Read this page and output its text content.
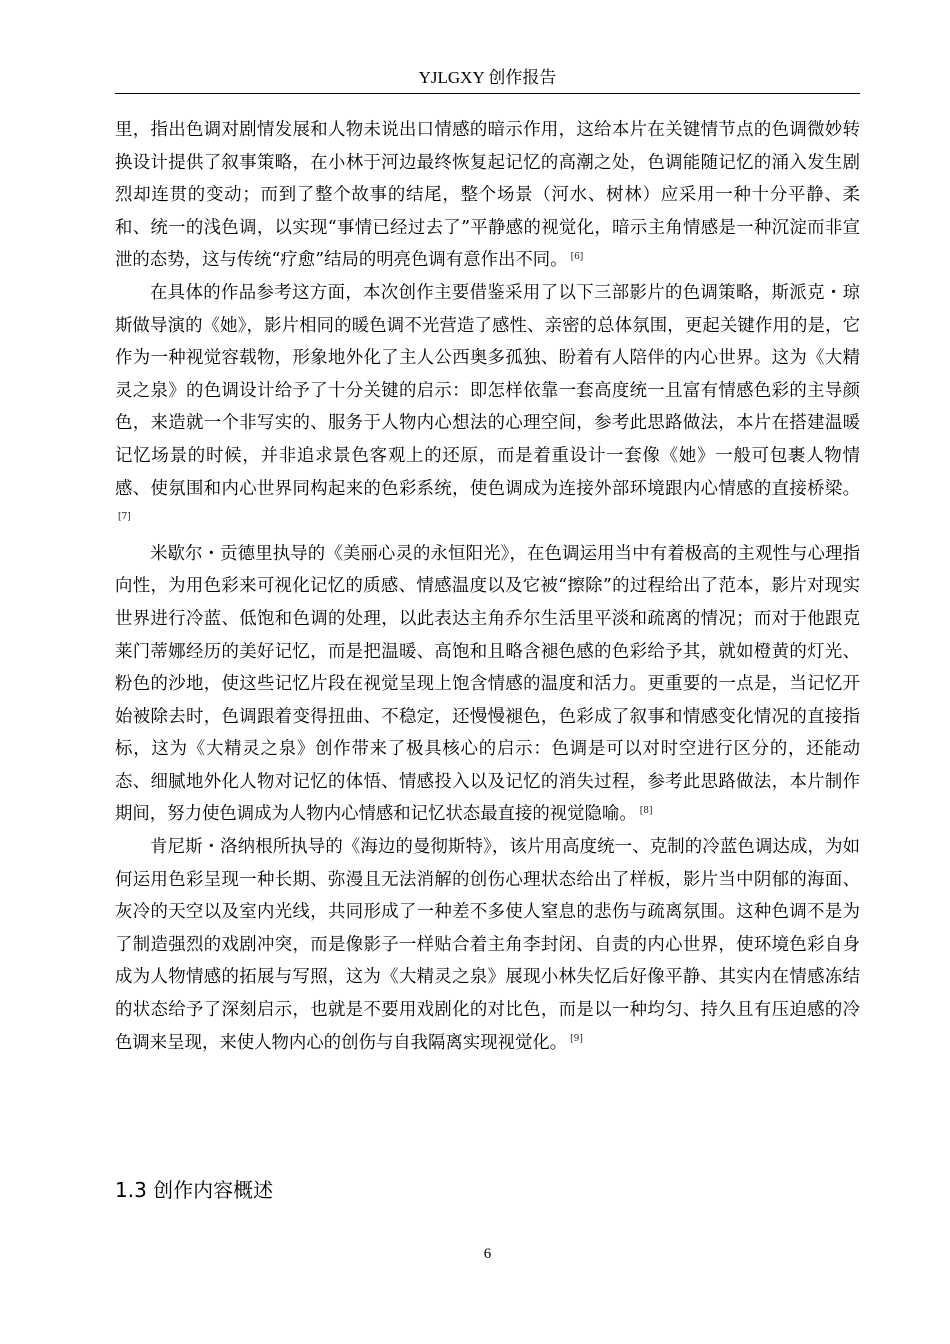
YJLGXY 创作报告

里，指出色调对剧情发展和人物未说出口情感的暗示作用，这给本片在关键情节点的色调微妙转换设计提供了叙事策略，在小林于河边最终恢复起记忆的高潮之处，色调能随记忆的涌入发生剧烈却连贯的变动；而到了整个故事的结尾，整个场景（河水、树林）应采用一种十分平静、柔和、统一的浅色调，以实现“事情已经过去了”平静感的视觉化，暗示主角情感是一种沉淀而非宣泄的态势，这与传统“疗愈”结局的明亮色调有意作出不同。 [6]

在具体的作品参考这方面，本次创作主要借鉴采用了以下三部影片的色调策略，斯派克・琼斯做导演的《她》，影片相同的暖色调不光营造了感性、亲密的总体氛围，更起关键作用的是，它作为一种视觉容载物，形象地外化了主人公西奥多孤独、盼着有人陪伴的内心世界。这为《大精灵之泉》的色调设计给予了十分关键的启示：即怎样依靠一套高度统一且富有情感色彩的主导颜色，来造就一个非写实的、服务于人物内心想法的心理空间，参考此思路做法，本片在搭建温暖记忆场景的时候，并非追求景色客观上的还原，而是着重设计一套像《她》一般可包裹人物情感、使氛围和内心世界同构起来的色彩系统，使色调成为连接外部环境跟内心情感的直接桥梁。[7]

米歇尔・贡德里执导的《美丽心灵的永恒阳光》，在色调运用当中有着极高的主观性与心理指向性，为用色彩来可视化记忆的质感、情感温度以及它被“擦除”的过程给出了范本，影片对现实世界进行冷蓝、低饱和色调的处理，以此表达主角乔尔生活里平淡和疏离的情况；而对于他跟克莱门蒂娜经历的美好记忆，而是把温暖、高饱和且略含褪色感的色彩给予其，就如橙黄的灯光、粉色的沙地，使这些记忆片段在视觉呈现上饱含情感的温度和活力。更重要的一点是，当记忆开始被除去时，色调跟着变得扭曲、不稳定，还慢慢褪色，色彩成了叙事和情感变化情况的直接指标，这为《大精灵之泉》创作带来了极具核心的启示：色调是可以对时空进行区分的，还能动态、细腻地外化人物对记忆的体悟、情感投入以及记忆的消失过程，参考此思路做法，本片制作期间，努力使色调成为人物内心情感和记忆状态最直接的视觉隐喻。 [8]

肯尼斯・洛纳根所执导的《海边的曼彻斯特》，该片用高度统一、克制的冷蓝色调达成，为如何运用色彩呈现一种长期、弥漫且无法消解的创伤心理状态给出了样板，影片当中阴郁的海面、灰冷的天空以及室内光线，共同形成了一种差不多使人窒息的悲伤与疏离氛围。这种色调不是为了制造强烈的戏剧冲突，而是像影子一样贴合着主角李封闭、自责的内心世界，使环境色彩自身成为人物情感的拓展与写照，这为《大精灵之泉》展现小林失忆后好像平静、其实内在情感冻结的状态给予了深刻启示，也就是不要用戏剧化的对比色，而是以一种均匀、持久且有压迫感的冷色调来呈现，来使人物内心的创伤与自我隔离实现视觉化。 [9]

1.3 创作内容概述
6
